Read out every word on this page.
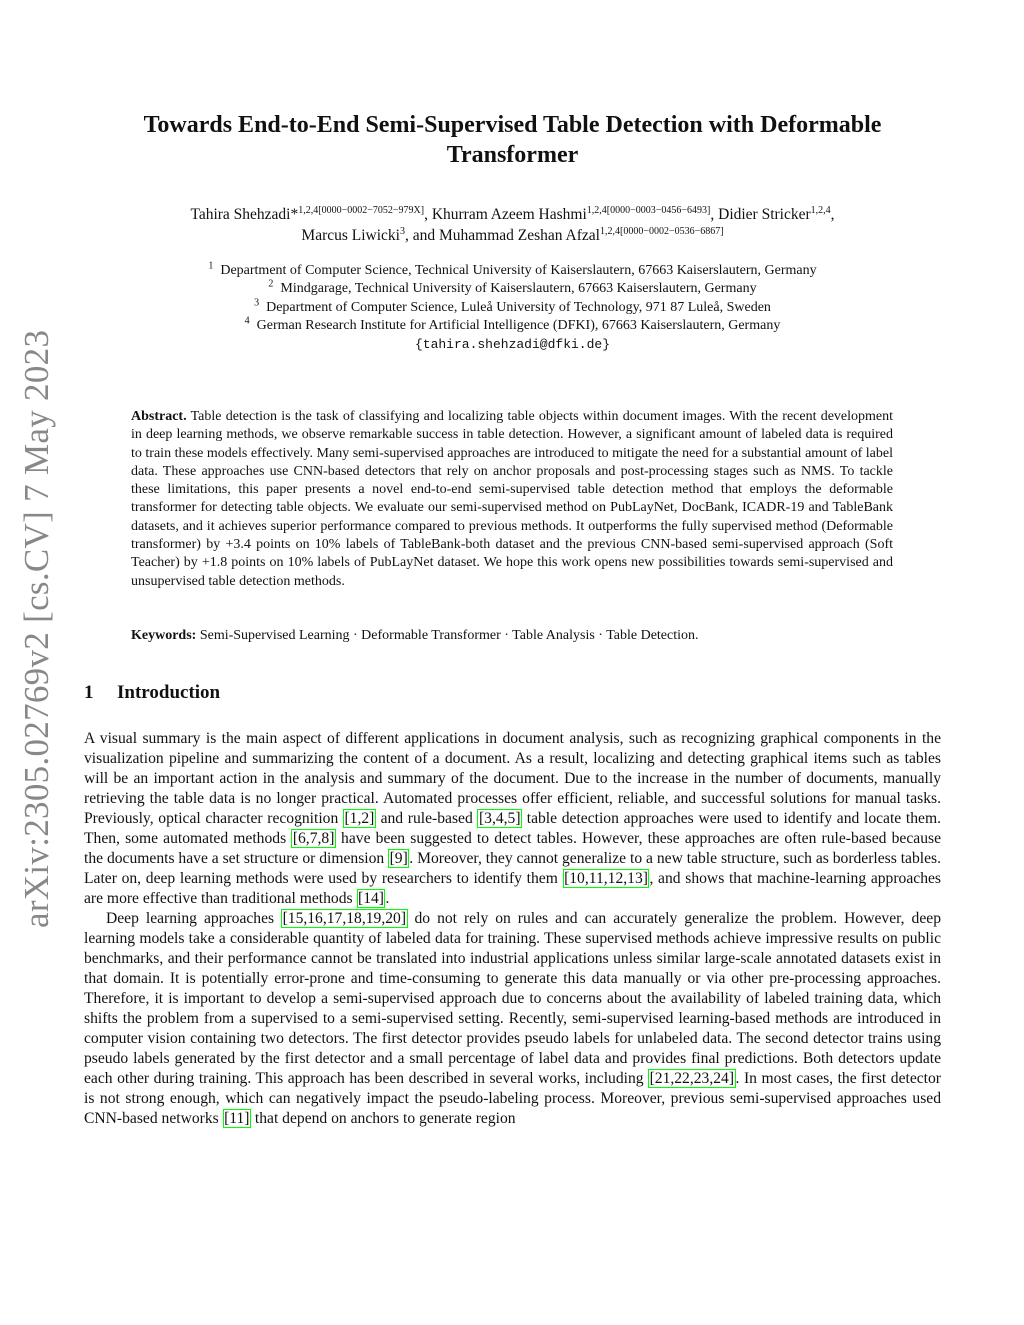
arXiv:2305.02769v2 [cs.CV] 7 May 2023
Towards End-to-End Semi-Supervised Table Detection with Deformable Transformer
Tahira Shehzadi*$^{1,2,4[0000-0002-7052-979X]}$, Khurram Azeem Hashmi$^{1,2,4[0000-0003-0456-6493]}$, Didier Stricker$^{1,2,4}$,
Marcus Liwicki$^3$, and Muhammad Zeshan Afzal$^{1,2,4[0000-0002-0536-6867]}$
$^1$  Department of Computer Science, Technical University of Kaiserslautern, 67663 Kaiserslautern, Germany
$^2$  Mindgarage, Technical University of Kaiserslautern, 67663 Kaiserslautern, Germany
$^3$  Department of Computer Science, Luleå University of Technology, 971 87 Luleå, Sweden
$^4$  German Research Institute for Artificial Intelligence (DFKI), 67663 Kaiserslautern, Germany
{tahira.shehzadi@dfki.de}
Abstract. Table detection is the task of classifying and localizing table objects within document images. With the recent development in deep learning methods, we observe remarkable success in table detection. However, a significant amount of labeled data is required to train these models effectively. Many semi-supervised approaches are introduced to mitigate the need for a substantial amount of label data. These approaches use CNN-based detectors that rely on anchor proposals and post-processing stages such as NMS. To tackle these limitations, this paper presents a novel end-to-end semi-supervised table detection method that employs the deformable transformer for detecting table objects. We evaluate our semi-supervised method on PubLayNet, DocBank, ICADR-19 and TableBank datasets, and it achieves superior performance compared to previous methods. It outperforms the fully supervised method (Deformable transformer) by +3.4 points on 10% labels of TableBank-both dataset and the previous CNN-based semi-supervised approach (Soft Teacher) by +1.8 points on 10% labels of PubLayNet dataset. We hope this work opens new possibilities towards semi-supervised and unsupervised table detection methods.
Keywords: Semi-Supervised Learning · Deformable Transformer · Table Analysis · Table Detection.
1 Introduction

A visual summary is the main aspect of different applications in document analysis, such as recognizing graphical components in the visualization pipeline and summarizing the content of a document. As a result, localizing and detecting graphical items such as tables will be an important action in the analysis and summary of the document. Due to the increase in the number of documents, manually retrieving the table data is no longer practical. Automated processes offer efficient, reliable, and successful solutions for manual tasks. Previously, optical character recognition [1,2] and rule-based [3,4,5] table detection approaches were used to identify and locate them. Then, some automated methods [6,7,8] have been suggested to detect tables. However, these approaches are often rule-based because the documents have a set structure or dimension [9]. Moreover, they cannot generalize to a new table structure, such as borderless tables. Later on, deep learning methods were used by researchers to identify them [10,11,12,13], and shows that machine-learning approaches are more effective than traditional methods [14].

Deep learning approaches [15,16,17,18,19,20] do not rely on rules and can accurately generalize the problem. However, deep learning models take a considerable quantity of labeled data for training. These supervised methods achieve impressive results on public benchmarks, and their performance cannot be translated into industrial applications unless similar large-scale annotated datasets exist in that domain. It is potentially error-prone and time-consuming to generate this data manually or via other pre-processing approaches. Therefore, it is important to develop a semi-supervised approach due to concerns about the availability of labeled training data, which shifts the problem from a supervised to a semi-supervised setting. Recently, semi-supervised learning-based methods are introduced in computer vision containing two detectors. The first detector provides pseudo labels for unlabeled data. The second detector trains using pseudo labels generated by the first detector and a small percentage of label data and provides final predictions. Both detectors update each other during training. This approach has been described in several works, including [21,22,23,24]. In most cases, the first detector is not strong enough, which can negatively impact the pseudo-labeling process. Moreover, previous semi-supervised approaches used CNN-based networks [11] that depend on anchors to generate region
